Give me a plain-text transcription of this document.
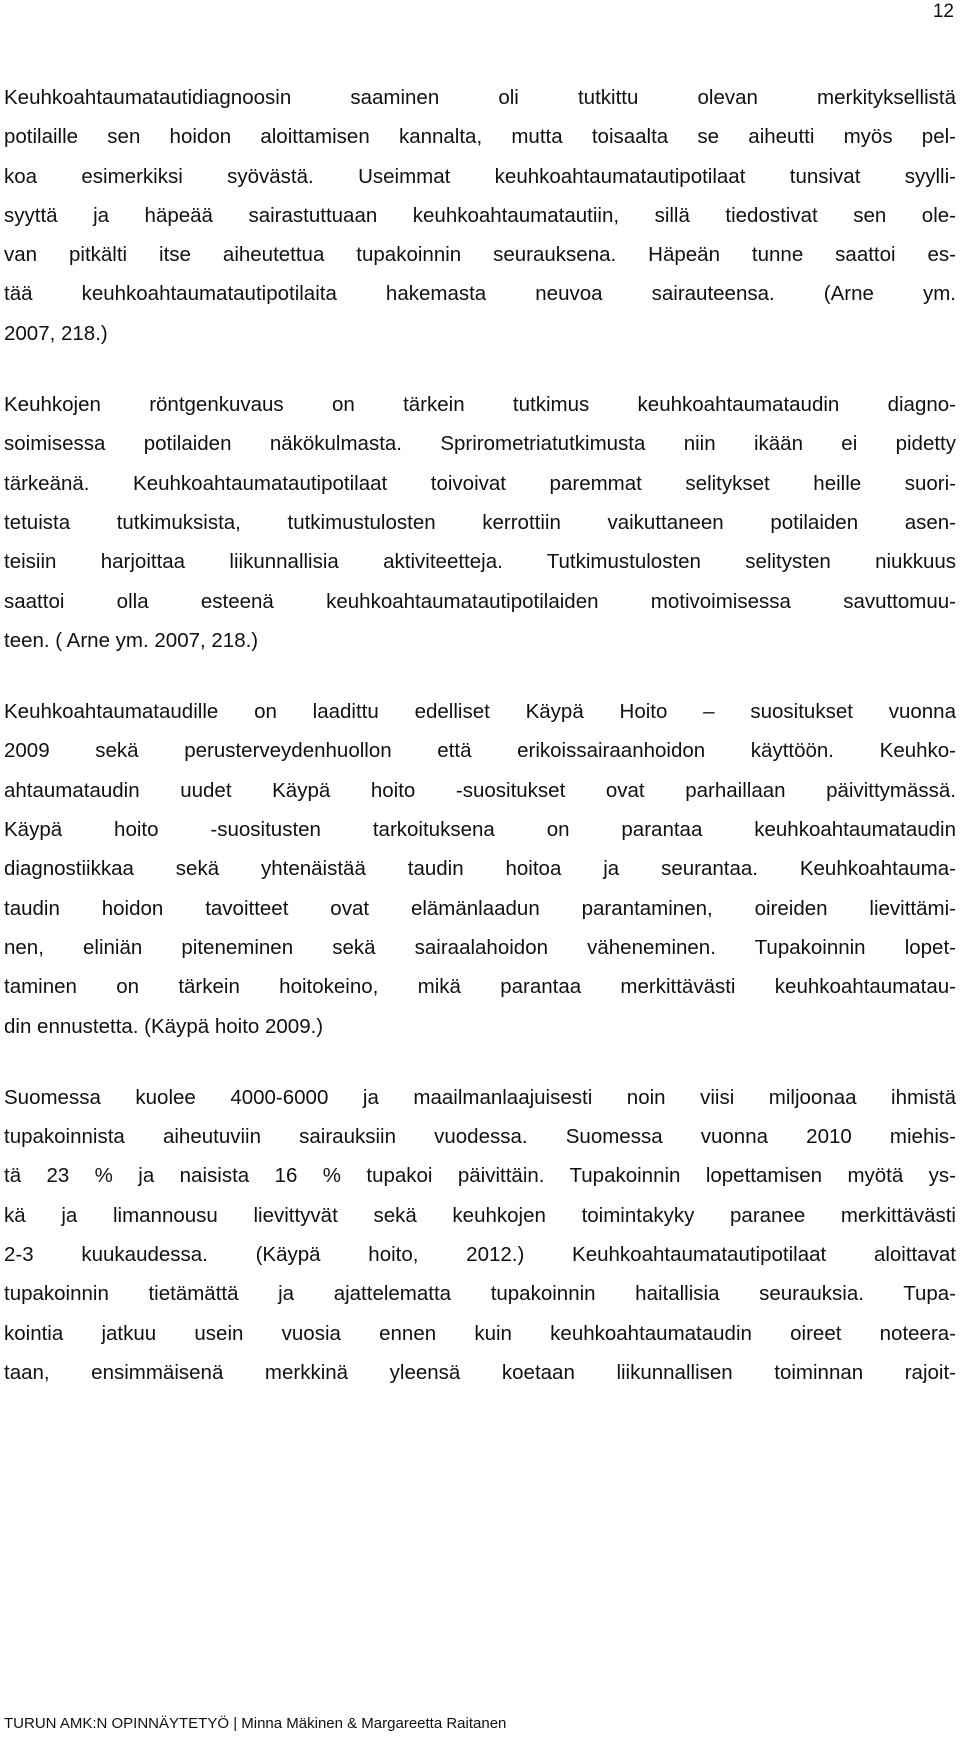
12
Keuhkoahtaumatautidiagnoosin saaminen oli tutkittu olevan merkityksellistä
potilaille sen hoidon aloittamisen kannalta, mutta toisaalta se aiheutti myös pel-
koa esimerkiksi syövästä. Useimmat keuhkoahtaumatautipotilaat tunsivat syylli-
syyttä ja häpeää sairastuttuaan keuhkoahtaumatautiin, sillä tiedostivat sen ole-
van pitkälti itse aiheutettua tupakoinnin seurauksena. Häpeän tunne saattoi es-
tää keuhkoahtaumatautipotilaita hakemasta neuvoa sairauteensa. (Arne ym.
2007, 218.)
Keuhkojen röntgenkuvaus on tärkein tutkimus keuhkoahtaumataudin diagno-
soimisessa potilaiden näkökulmasta. Sprirometriatutkimusta niin ikään ei pidetty
tärkeänä. Keuhkoahtaumatautipotilaat toivoivat paremmat selitykset heille suori-
tetuista tutkimuksista, tutkimustulosten kerrottiin vaikuttaneen potilaiden asen-
teisiin harjoittaa liikunnallisia aktiviteetteja. Tutkimustulosten selitysten niukkuus
saattoi olla esteenä keuhkoahtaumatautipotilaiden motivoimisessa savuttomuu-
teen. ( Arne ym. 2007, 218.)
Keuhkoahtaumataudille on laadittu edelliset Käypä Hoito – suositukset vuonna
2009 sekä perusterveydenhuollon että erikoissairaanhoidon käyttöön. Keuhko-
ahtaumataudin uudet Käypä hoito -suositukset ovat parhaillaan päivittymässä.
Käypä hoito -suositusten tarkoituksena on parantaa keuhkoahtaumataudin
diagnostiikkaa sekä yhtenäistää taudin hoitoa ja seurantaa. Keuhkoahtauma-
taudin hoidon tavoitteet ovat elämänlaadun parantaminen, oireiden lievittämi-
nen, eliniän piteneminen sekä sairaalahoidon väheneminen. Tupakoinnin lopet-
taminen on tärkein hoitokeino, mikä parantaa merkittävästi keuhkoahtaumatau-
din ennustetta. (Käypä hoito 2009.)
Suomessa kuolee 4000-6000 ja maailmanlaajuisesti noin viisi miljoonaa ihmistä
tupakoinnista aiheutuviin sairauksiin vuodessa. Suomessa vuonna 2010 miehis-
tä 23 % ja naisista 16 % tupakoi päivittäin. Tupakoinnin lopettamisen myötä ys-
kä ja limannousu lievittyvät sekä keuhkojen toimintakyky paranee merkittävästi
2-3 kuukaudessa. (Käypä hoito, 2012.) Keuhkoahtaumatautipotilaat aloittavat
tupakoinnin tietämättä ja ajattelematta tupakoinnin haitallisia seurauksia. Tupa-
kointia jatkuu usein vuosia ennen kuin keuhkoahtaumataudin oireet noteera-
taan, ensimmäisenä merkkinä yleensä koetaan liikunnallisen toiminnan rajoit-
TURUN AMK:N OPINNÄYTETYÖ | Minna Mäkinen & Margareetta Raitanen
